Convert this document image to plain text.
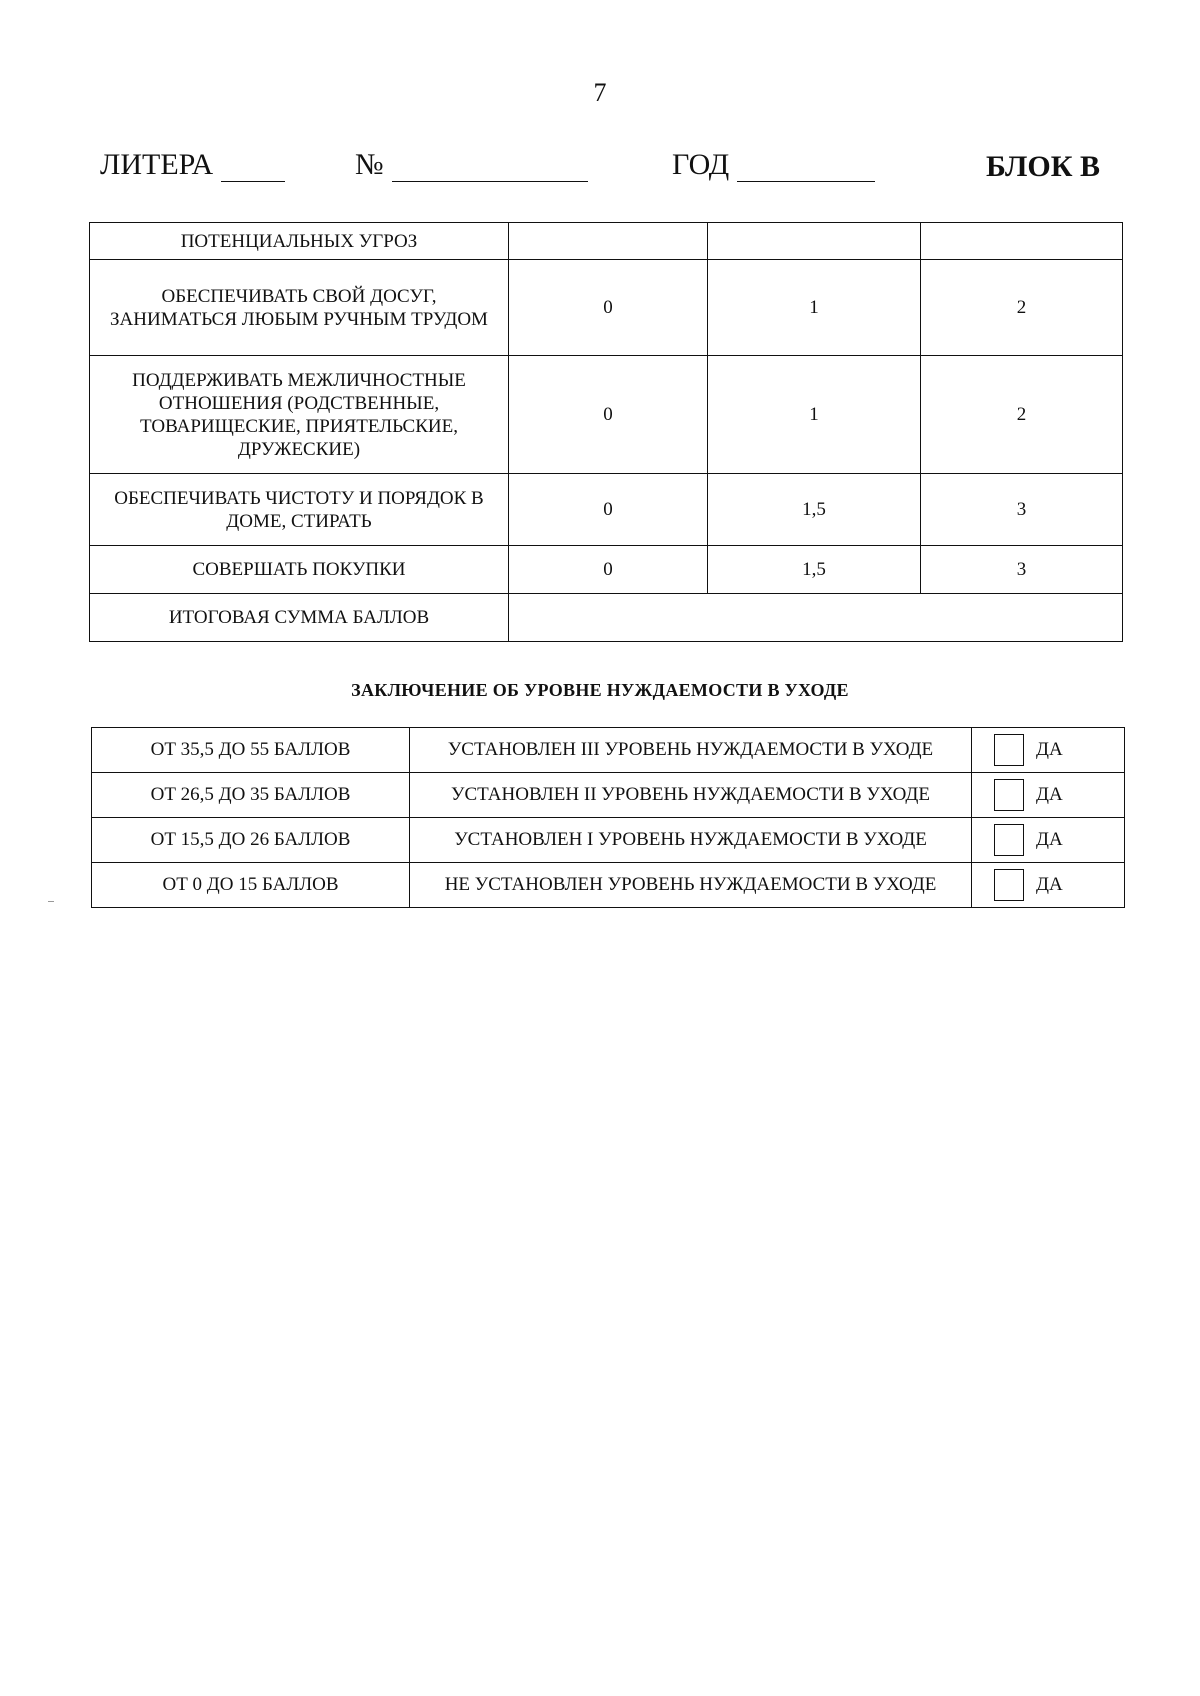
7
ЛИТЕРА	№	ГОД	БЛОК В
ПОТЕНЦИАЛЬНЫХ УГРОЗ			
ОБЕСПЕЧИВАТЬ СВОЙ ДОСУГ, ЗАНИМАТЬСЯ ЛЮБЫМ РУЧНЫМ ТРУДОМ	0	1	2
ПОДДЕРЖИВАТЬ МЕЖЛИЧНОСТНЫЕ ОТНОШЕНИЯ (РОДСТВЕННЫЕ, ТОВАРИЩЕСКИЕ, ПРИЯТЕЛЬСКИЕ, ДРУЖЕСКИЕ)	0	1	2
ОБЕСПЕЧИВАТЬ ЧИСТОТУ И ПОРЯДОК В ДОМЕ, СТИРАТЬ	0	1,5	3
СОВЕРШАТЬ ПОКУПКИ	0	1,5	3
ИТОГОВАЯ СУММА БАЛЛОВ			
ЗАКЛЮЧЕНИЕ ОБ УРОВНЕ НУЖДАЕМОСТИ В УХОДЕ
ОТ 35,5 ДО 55 БАЛЛОВ	УСТАНОВЛЕН III УРОВЕНЬ НУЖДАЕМОСТИ В УХОДЕ	ДА

ОТ 26,5 ДО 35 БАЛЛОВ	УСТАНОВЛЕН II УРОВЕНЬ НУЖДАЕМОСТИ В УХОДЕ	ДА

ОТ 15,5 ДО 26 БАЛЛОВ	УСТАНОВЛЕН I УРОВЕНЬ НУЖДАЕМОСТИ В УХОДЕ	ДА

ОТ 0 ДО 15 БАЛЛОВ	НЕ УСТАНОВЛЕН УРОВЕНЬ НУЖДАЕМОСТИ В УХОДЕ	ДА
